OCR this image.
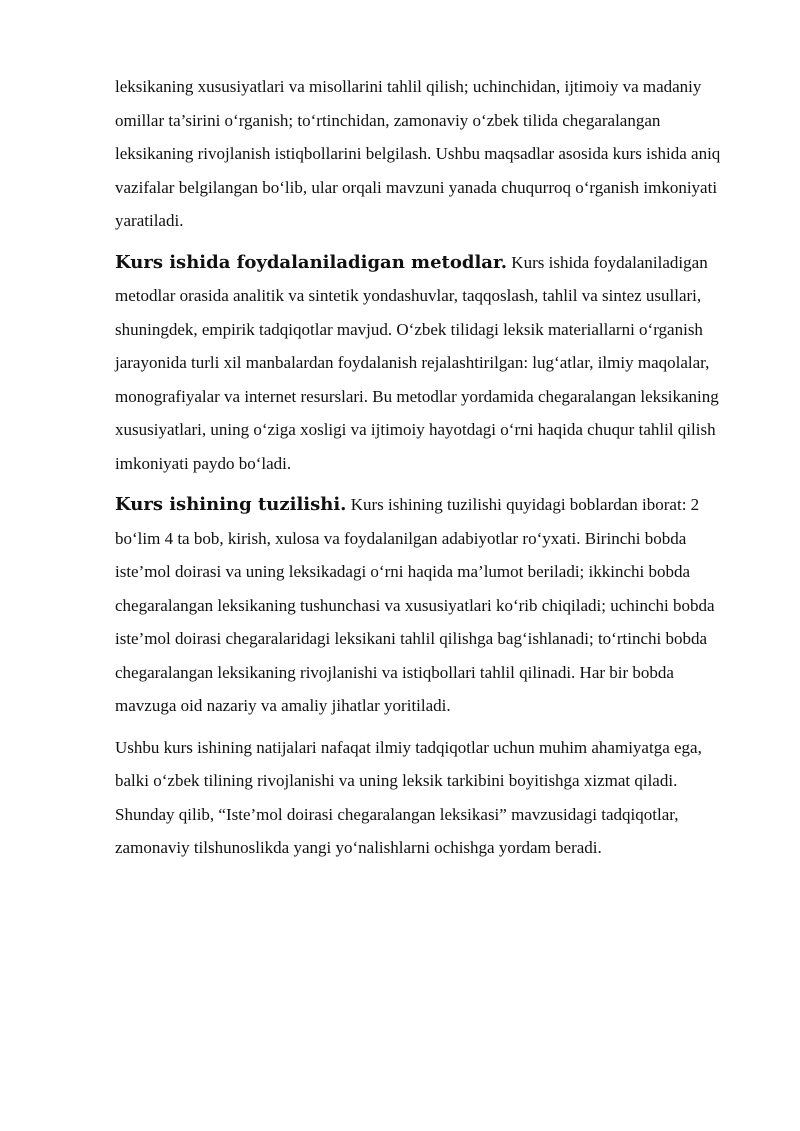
leksikaning xususiyatlari va misollarini tahlil qilish; uchinchidan, ijtimoiy va madaniy omillar ta’sirini o‘rganish; to‘rtinchidan, zamonaviy o‘zbek tilida chegaralangan leksikaning rivojlanish istiqbollarini belgilash. Ushbu maqsadlar asosida kurs ishida aniq vazifalar belgilangan bo‘lib, ular orqali mavzuni yanada chuqurroq o‘rganish imkoniyati yaratiladi.

Kurs ishida foydalaniladigan metodlar. Kurs ishida foydalaniladigan metodlar orasida analitik va sintetik yondashuvlar, taqqoslash, tahlil va sintez usullari, shuningdek, empirik tadqiqotlar mavjud. O‘zbek tilidagi leksik materiallarni o‘rganish jarayonida turli xil manbalardan foydalanish rejalashtirilgan: lug‘atlar, ilmiy maqolalar, monografiyalar va internet resurslari. Bu metodlar yordamida chegaralangan leksikaning xususiyatlari, uning o‘ziga xosligi va ijtimoiy hayotdagi o‘rni haqida chuqur tahlil qilish imkoniyati paydo bo‘ladi.

Kurs ishining tuzilishi. Kurs ishining tuzilishi quyidagi boblardan iborat: 2 bo‘lim 4 ta bob, kirish, xulosa va foydalanilgan adabiyotlar ro‘yxati. Birinchi bobda iste’mol doirasi va uning leksikadagi o‘rni haqida ma’lumot beriladi; ikkinchi bobda chegaralangan leksikaning tushunchasi va xususiyatlari ko‘rib chiqiladi; uchinchi bobda iste’mol doirasi chegaralaridagi leksikani tahlil qilishga bag‘ishlanadi; to‘rtinchi bobda chegaralangan leksikaning rivojlanishi va istiqbollari tahlil qilinadi. Har bir bobda mavzuga oid nazariy va amaliy jihatlar yoritiladi.

Ushbu kurs ishining natijalari nafaqat ilmiy tadqiqotlar uchun muhim ahamiyatga ega, balki o‘zbek tilining rivojlanishi va uning leksik tarkibini boyitishga xizmat qiladi. Shunday qilib, “Iste’mol doirasi chegaralangan leksikasi” mavzusidagi tadqiqotlar, zamonaviy tilshunoslikda yangi yo‘nalishlarni ochishga yordam beradi.
